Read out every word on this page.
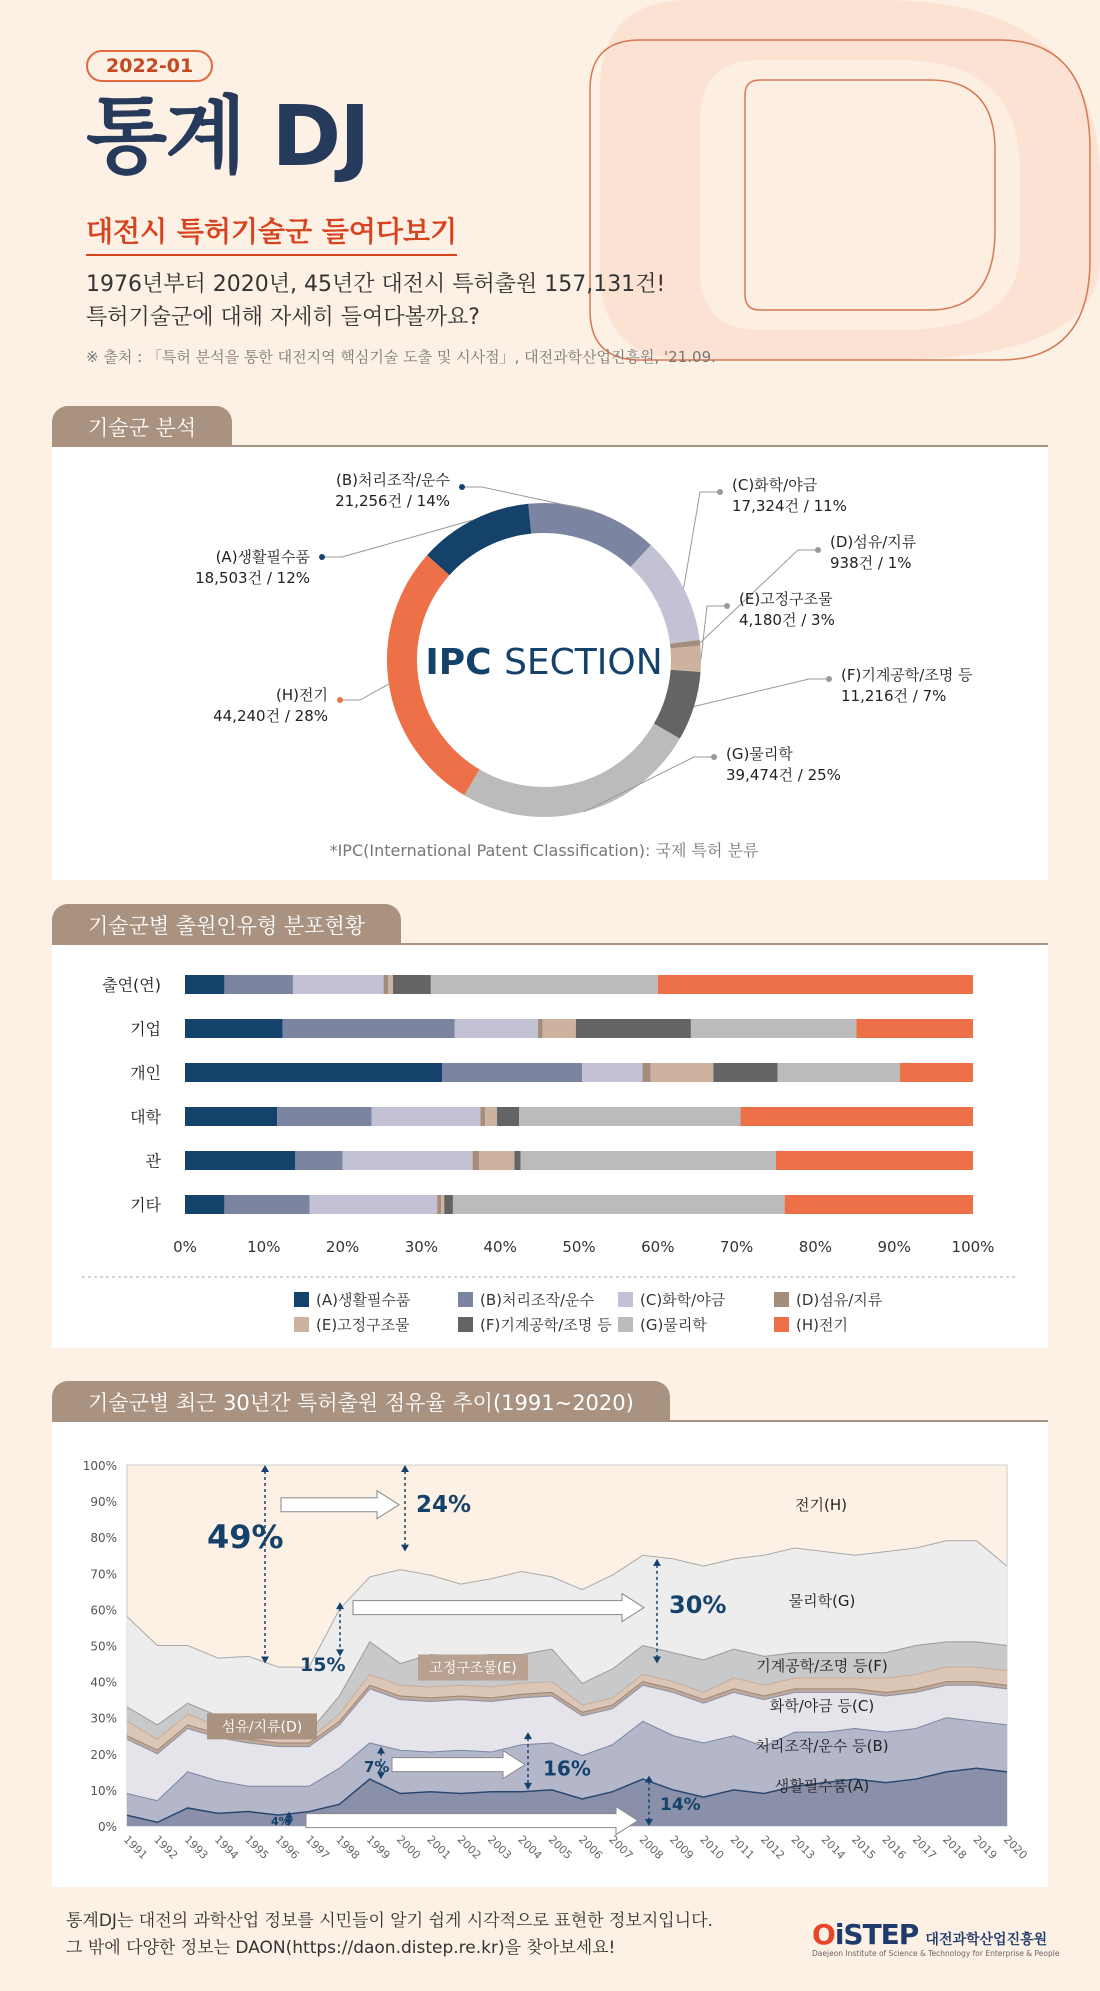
2022-01
통계 DJ
대전시 특허기술군 들여다보기
1976년부터 2020년, 45년간 대전시 특허출원 157,131건!
특허기술군에 대해 자세히 들여다볼까요?
※ 출처 : 「특허 분석을 통한 대전지역 핵심기술 도출 및 시사점」, 대전과학산업진흥원, '21.09.
기술군 분석
(A)생활필수품
18,503건 / 12%
(B)처리조작/운수
21,256건 / 14%
(C)화학/야금
17,324건 / 11%
(D)섬유/지류
938건 / 1%
(E)고정구조물
4,180건 / 3%
(F)기계공학/조명 등
11,216건 / 7%
(G)물리학
39,474건 / 25%
(H)전기
44,240건 / 28%
IPC SECTION
*IPC(International Patent Classification): 국제 특허 분류
기술군별 출원인유형 분포현황
출연(연)
기업
개인
대학
관
기타
0%	10%	20%	30%	40%	50%	60%	70%	80%	90%	100%
(A)생활필수품	(B)처리조작/운수	(C)화학/야금	(D)섬유/지류
(E)고정구조물	(F)기계공학/조명 등 (G)물리학	(H)전기
기술군별 최근 30년간 특허출원 점유율 추이(1991~2020)
0%
10%
20%
30%
40%
50%
60%
70%
80%
90%
100%
1991 1992 1993 1994 1995 1996 1997 1998 1999 2000 2001 2002 2003 2004 2005 2006 2007 2008 2009 2010 2011 2012 2013 2014 2015 2016 2017 2018 2019 2020
생활필수품(A)
처리조작/운수 등(B)
화학/야금 등(C)
기계공학/조명 등(F)
물리학(G)
전기(H)
49%
24%
30%
15%
7%	16%
4%
14%
섬유/지류(D)
고정구조물(E)
통계DJ는 대전의 과학산업 정보를 시민들이 알기 쉽게 시각적으로 표현한 정보지입니다.
그 밖에 다양한 정보는 DAON(https://daon.distep.re.kr)을 찾아보세요!	OiSTEP 대전과학산업진흥원
Daejeon Institute of Science & Technology for Enterprise & People
